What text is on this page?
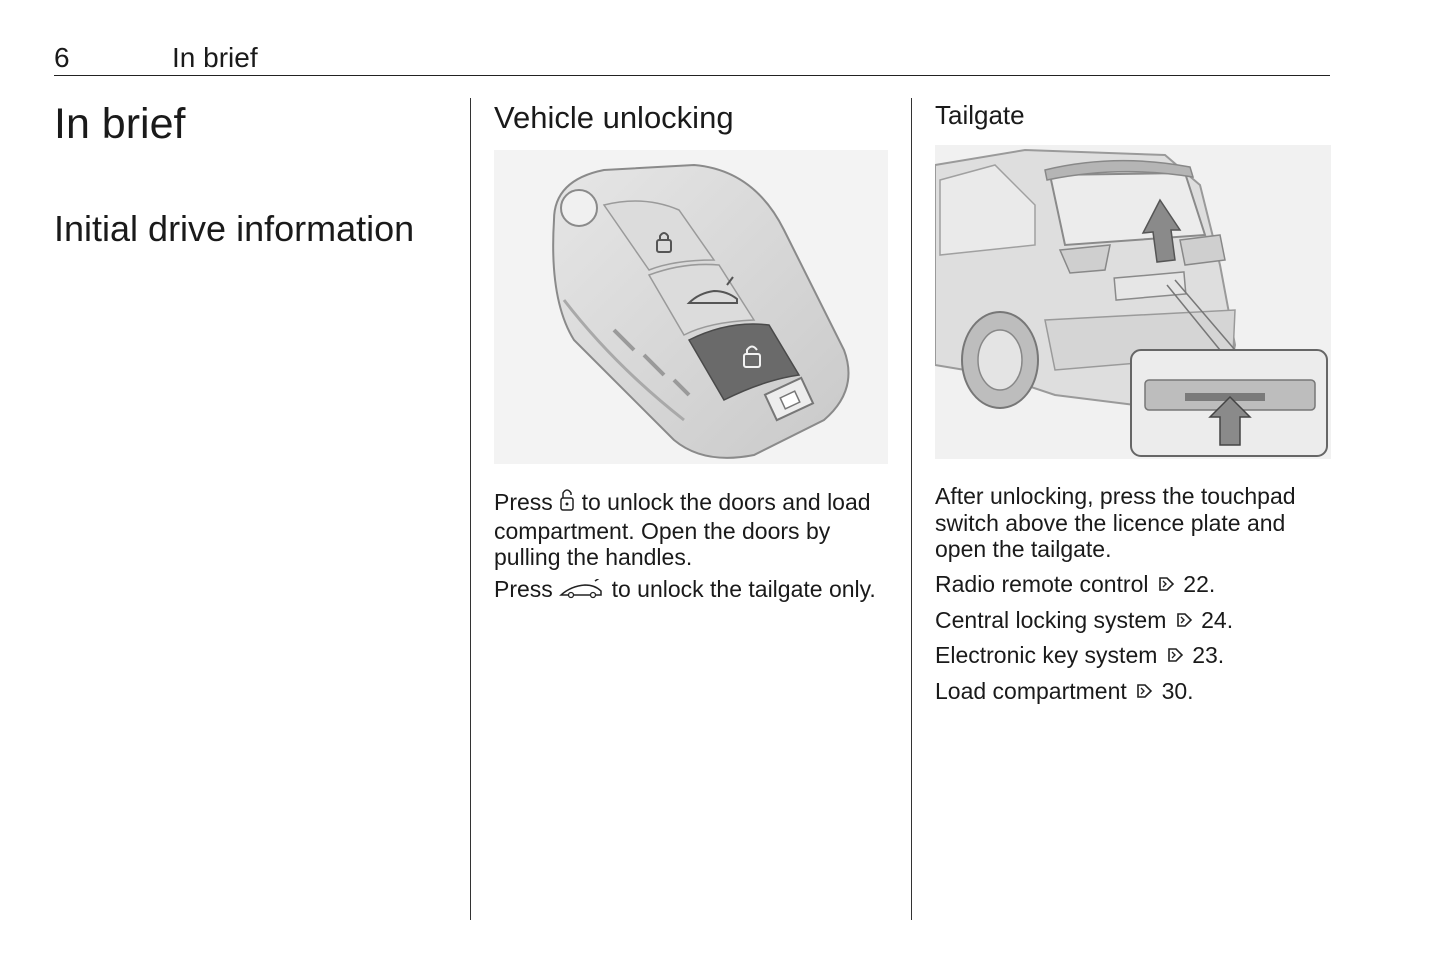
6	In brief
In brief
Initial drive information
Vehicle unlocking

Press to unlock the doors and load
compartment. Open the doors by
pulling the handles.

Press	to unlock the tailgate only.

Tailgate

After unlocking, press the touchpad
switch above the licence plate and
open the tailgate.

Radio remote control 22.

Central locking system 24.

Electronic key system 23.

Load compartment 30.
